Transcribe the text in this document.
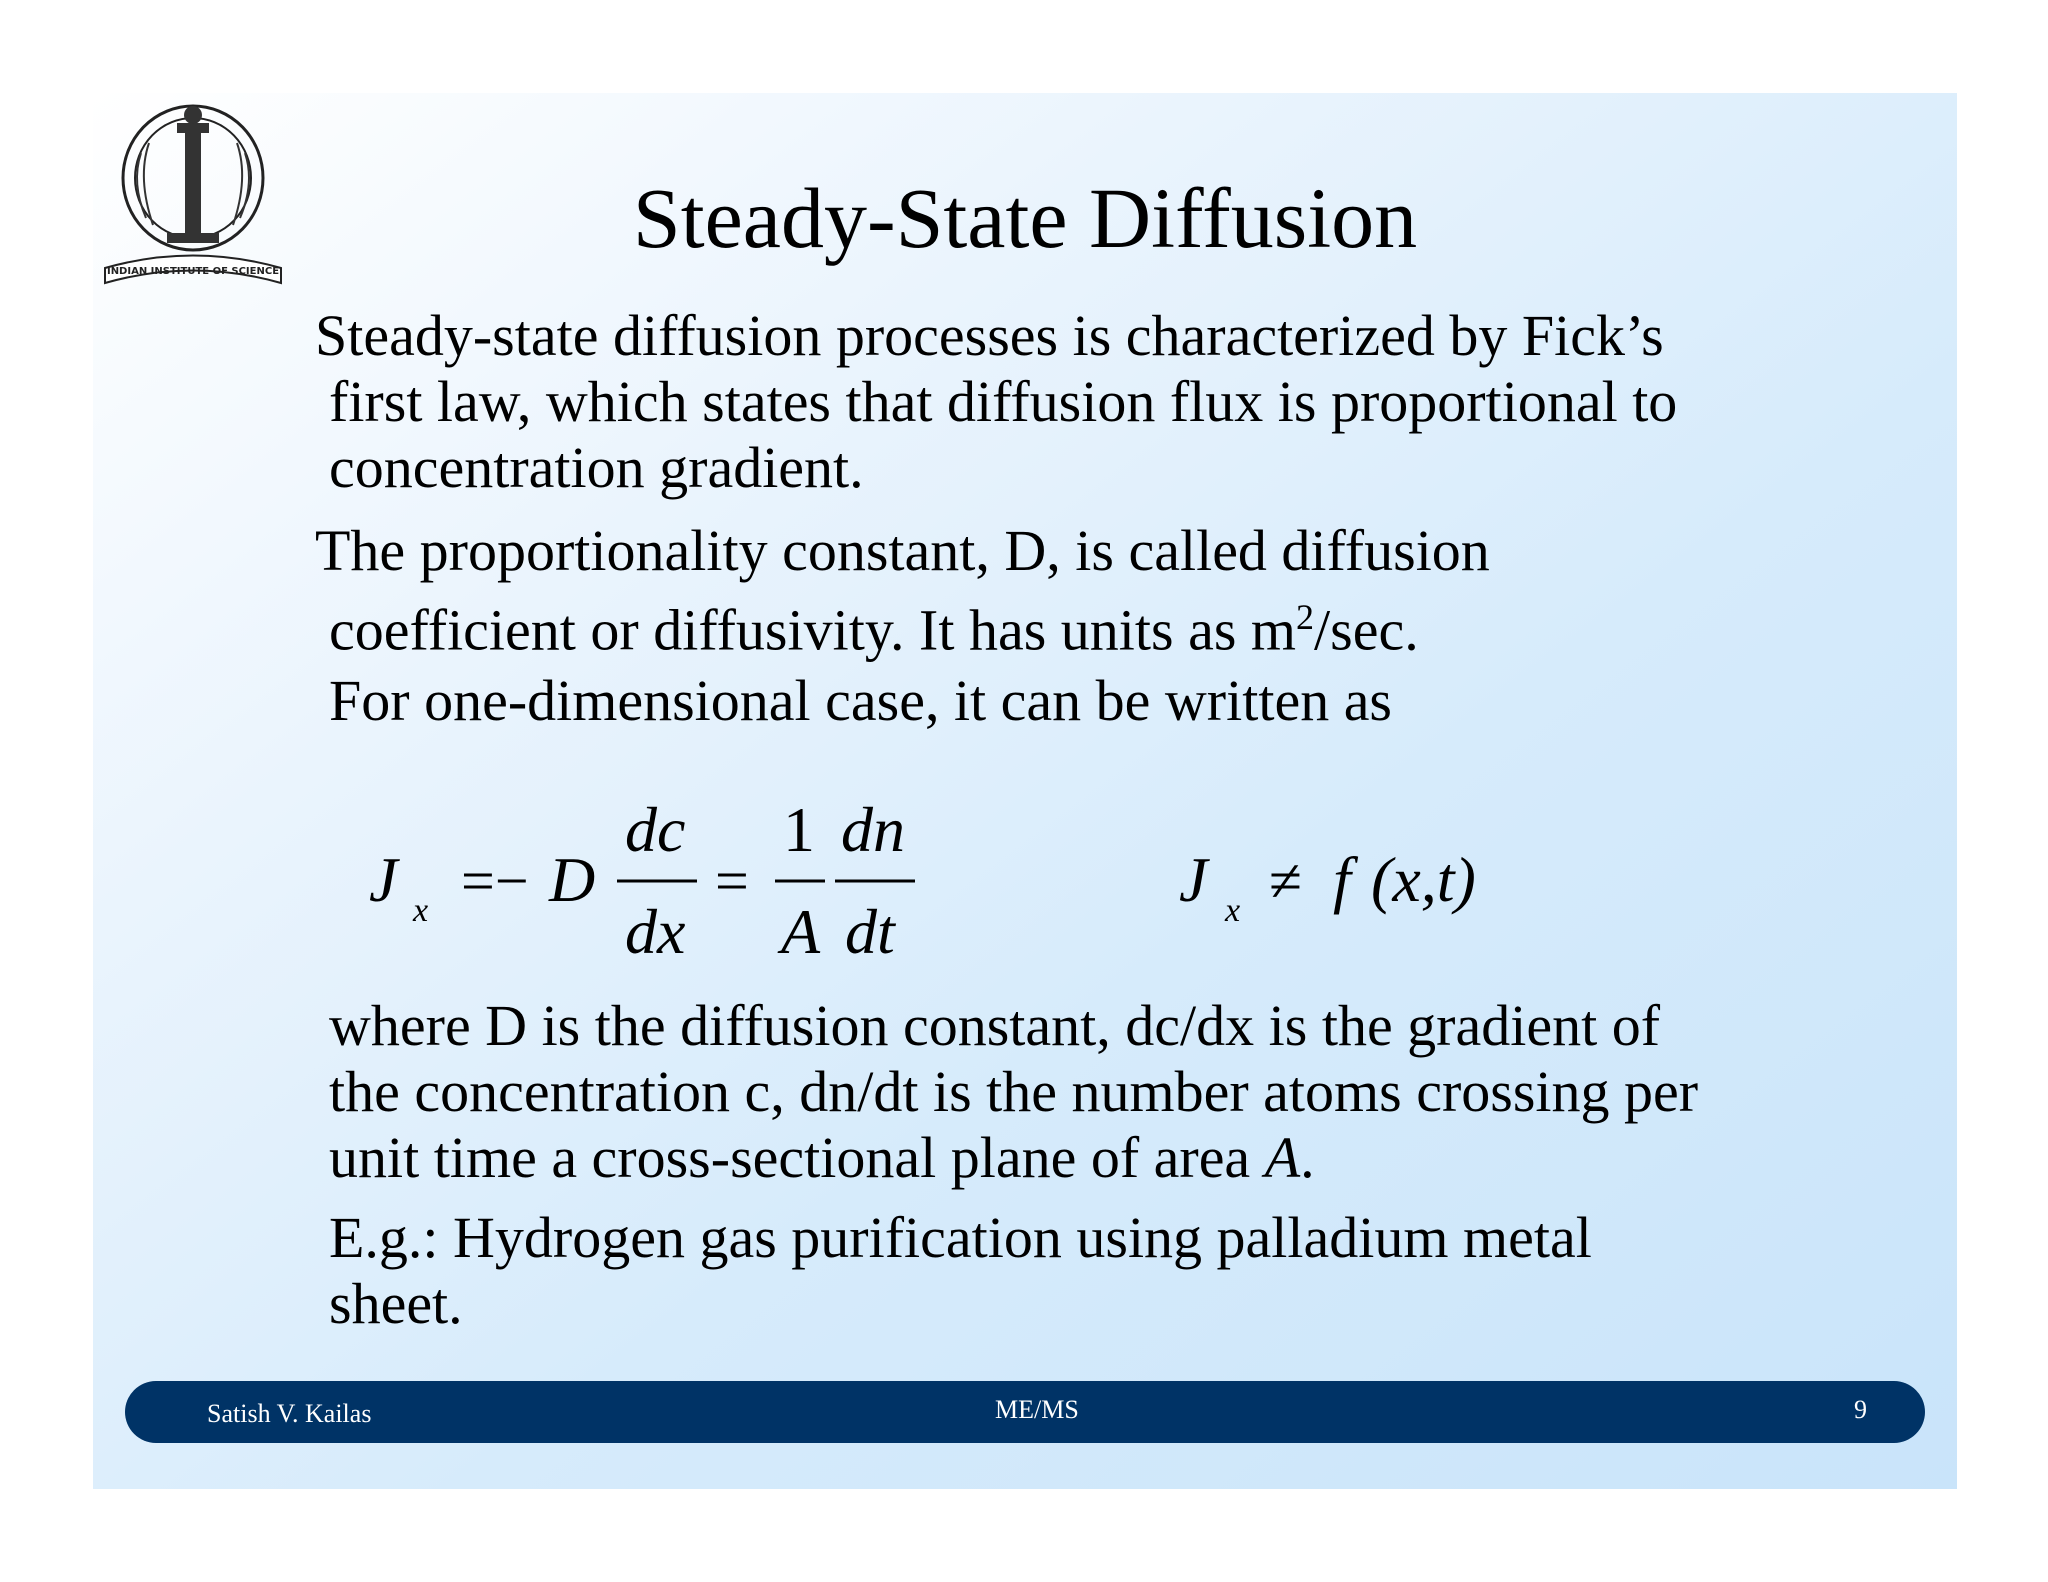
INDIAN INSTITUTE OF SCIENCE
Steady-State Diffusion

Steady-state diffusion processes is characterized by Fick’s
first law, which states that diffusion flux is proportional to
concentration gradient.

The proportionality constant, D, is called diffusion
coefficient or diffusivity. It has units as $m^2/\sec$.

For one-dimensional case, it can be written as

J x =− D
dc
dx
=
1
A
dn
dt
J x ≠ f (x,t)

where D is the diffusion constant, dc/dx is the gradient of
the concentration c, dn/dt is the number atoms crossing per
unit time a cross-sectional plane of area A.

E.g.: Hydrogen gas purification using palladium metal
sheet.

Satish V. Kailas	ME/MS	9
